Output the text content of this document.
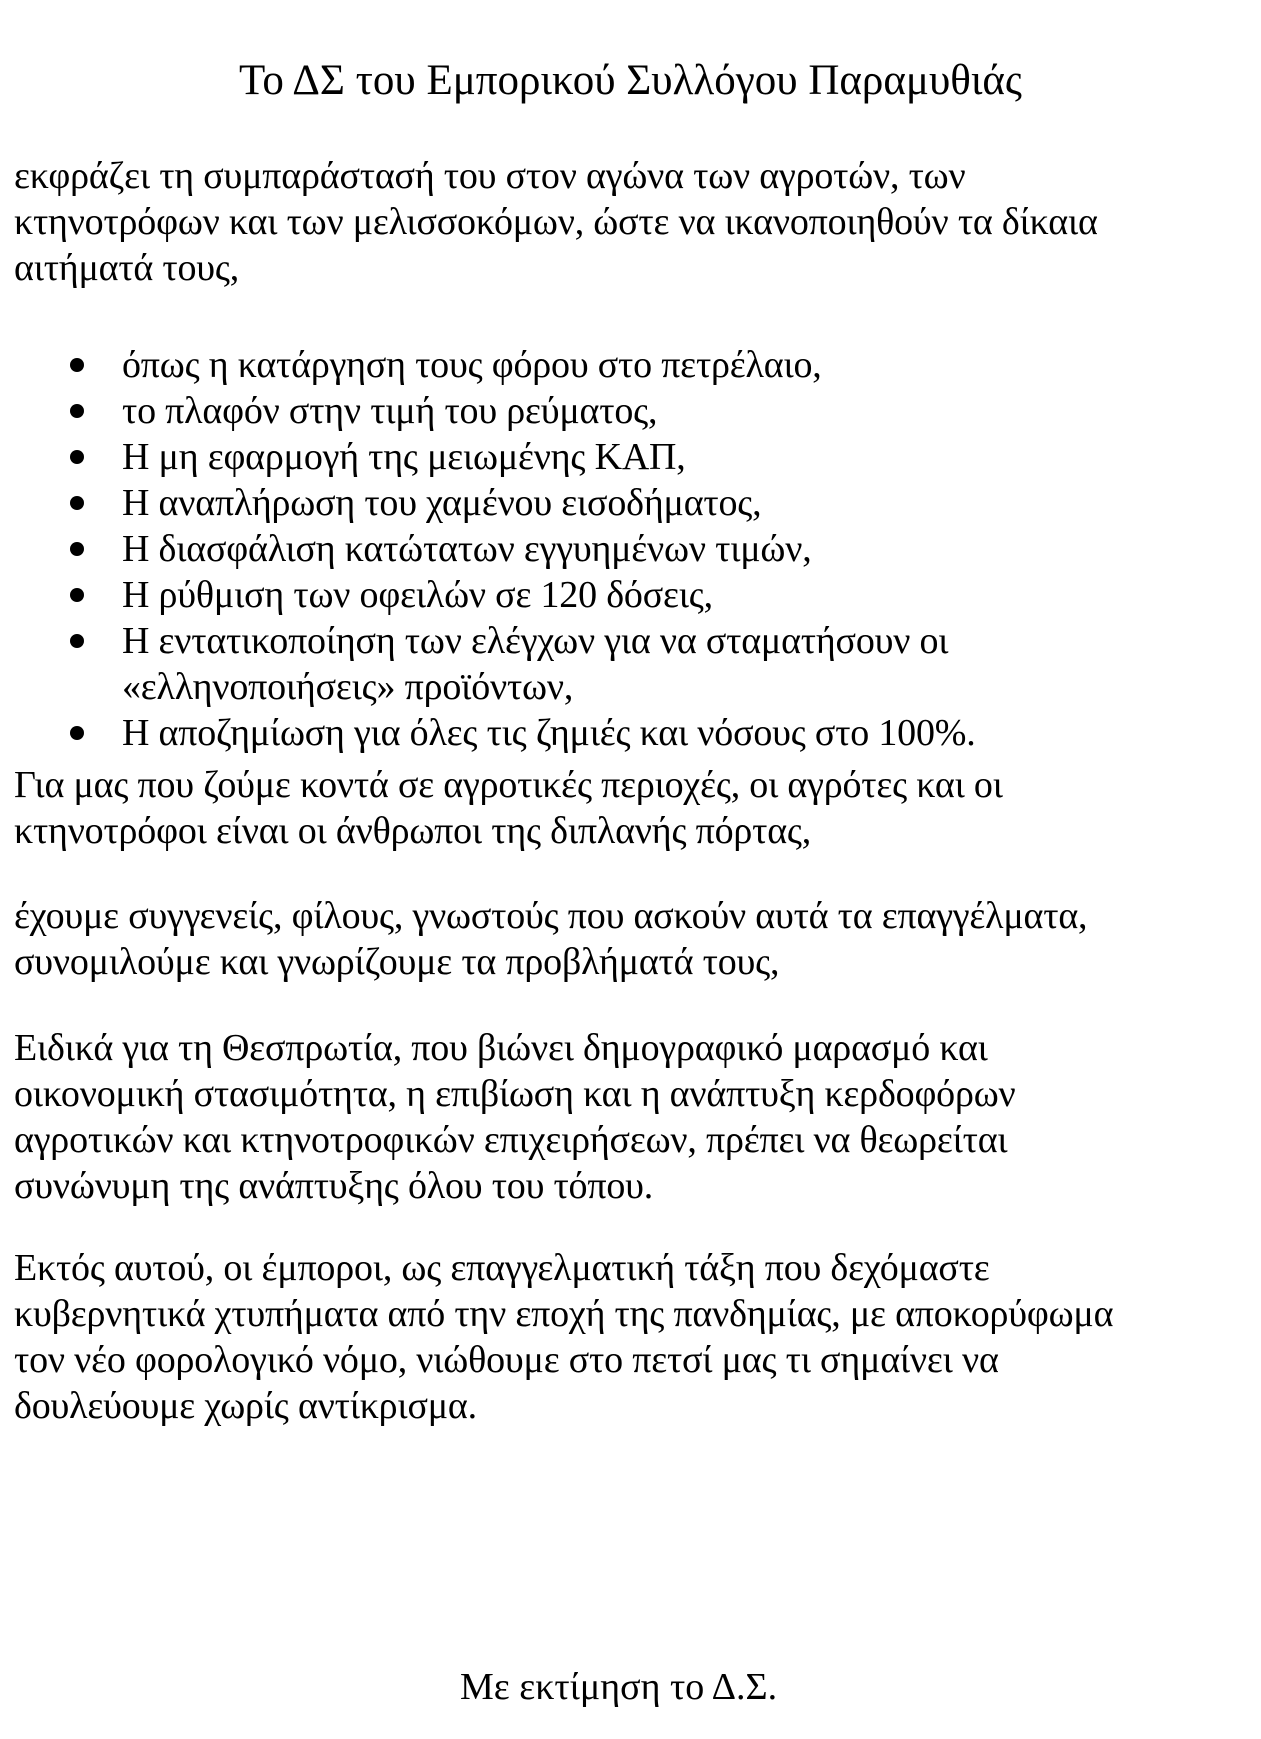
Το ΔΣ του Εμπορικού Συλλόγου Παραμυθιάς
εκφράζει τη συμπαράστασή του στον αγώνα των αγροτών, των
κτηνοτρόφων και των μελισσοκόμων, ώστε να ικανοποιηθούν τα δίκαια
αιτήματά τους,
όπως η κατάργηση τους φόρου στο πετρέλαιο,
το πλαφόν στην τιμή του ρεύματος,
Η μη εφαρμογή της μειωμένης ΚΑΠ,
Η αναπλήρωση του χαμένου εισοδήματος,
Η διασφάλιση κατώτατων εγγυημένων τιμών,
Η ρύθμιση των οφειλών σε 120 δόσεις,
Η εντατικοποίηση των ελέγχων για να σταματήσουν οι
«ελληνοποιήσεις» προϊόντων,
Η αποζημίωση για όλες τις ζημιές και νόσους στο 100%.
Για μας που ζούμε κοντά σε αγροτικές περιοχές, οι αγρότες και οι
κτηνοτρόφοι είναι οι άνθρωποι της διπλανής πόρτας,
έχουμε συγγενείς, φίλους, γνωστούς που ασκούν αυτά τα επαγγέλματα,
συνομιλούμε και γνωρίζουμε τα προβλήματά τους,
Ειδικά για τη Θεσπρωτία, που βιώνει δημογραφικό μαρασμό και
οικονομική στασιμότητα, η επιβίωση και η ανάπτυξη κερδοφόρων
αγροτικών και κτηνοτροφικών επιχειρήσεων, πρέπει να θεωρείται
συνώνυμη της ανάπτυξης όλου του τόπου.
Εκτός αυτού, οι έμποροι, ως επαγγελματική τάξη που δεχόμαστε
κυβερνητικά χτυπήματα από την εποχή της πανδημίας, με αποκορύφωμα
τον νέο φορολογικό νόμο, νιώθουμε στο πετσί μας τι σημαίνει να
δουλεύουμε χωρίς αντίκρισμα.
Με εκτίμηση το Δ.Σ.
